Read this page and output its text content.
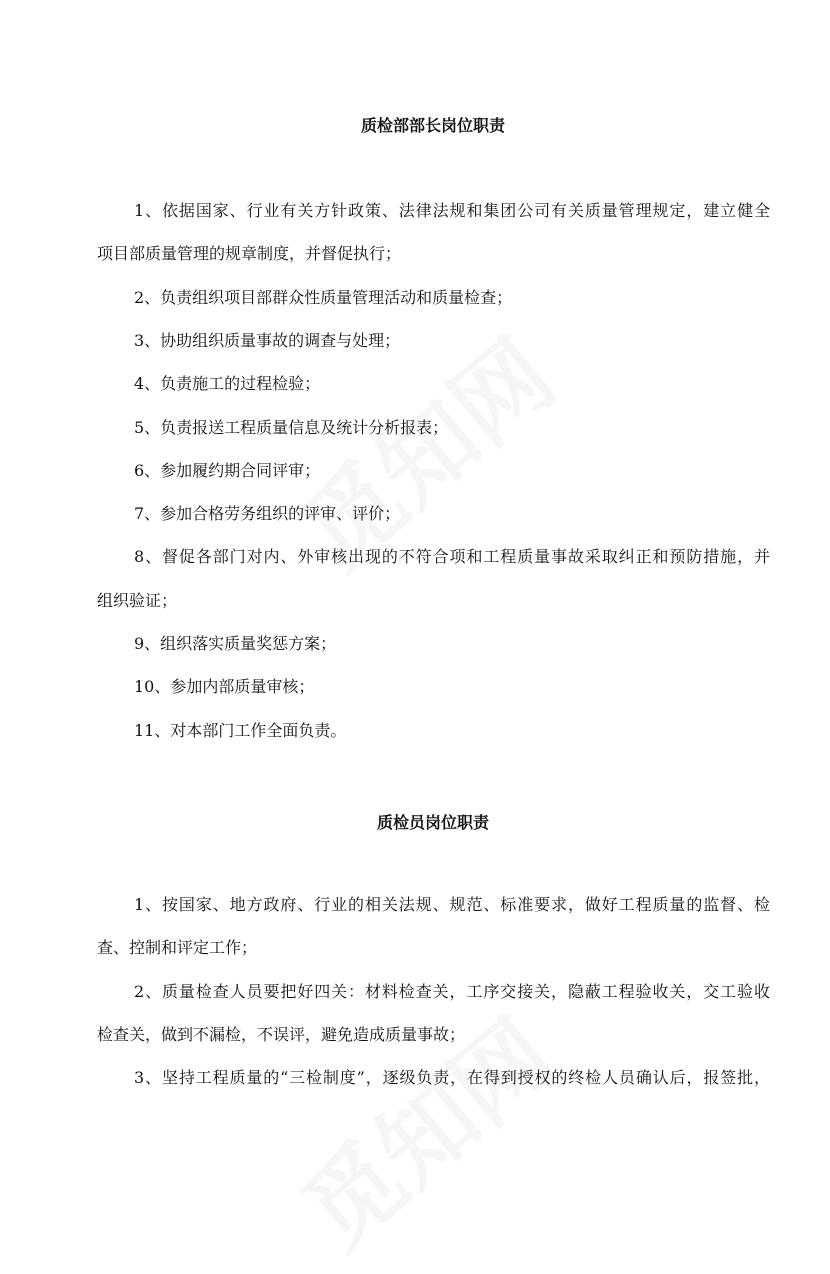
质检部部长岗位职责
1、依据国家、行业有关方针政策、法律法规和集团公司有关质量管理规定，建立健全
项目部质量管理的规章制度，并督促执行；
2、负责组织项目部群众性质量管理活动和质量检查；
3、协助组织质量事故的调查与处理；
4、负责施工的过程检验；
5、负责报送工程质量信息及统计分析报表；
6、参加履约期合同评审；
7、参加合格劳务组织的评审、评价；
8、督促各部门对内、外审核出现的不符合项和工程质量事故采取纠正和预防措施，并
组织验证；
9、组织落实质量奖惩方案；
10、参加内部质量审核；
11、对本部门工作全面负责。
质检员岗位职责
1、按国家、地方政府、行业的相关法规、规范、标准要求，做好工程质量的监督、检
查、控制和评定工作；
2、质量检查人员要把好四关：材料检查关，工序交接关，隐蔽工程验收关，交工验收
检查关，做到不漏检，不误评，避免造成质量事故；
3、坚持工程质量的“三检制度”，逐级负责，在得到授权的终检人员确认后，报签批，
